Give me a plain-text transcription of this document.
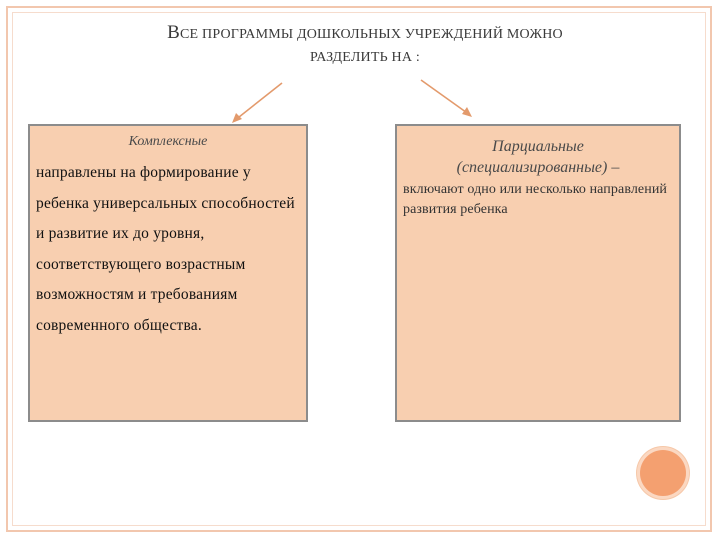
ВСЕ ПРОГРАММЫ ДОШКОЛЬНЫХ УЧРЕЖДЕНИЙ МОЖНО
РАЗДЕЛИТЬ НА :
Комплексные
направлены на формирование у ребенка универсальных способностей и развитие их до уровня, соответствующего возрастным возможностям и требованиям современного общества.
Парциальные
(специализированные) –
включают одно или несколько направлений развития ребенка
